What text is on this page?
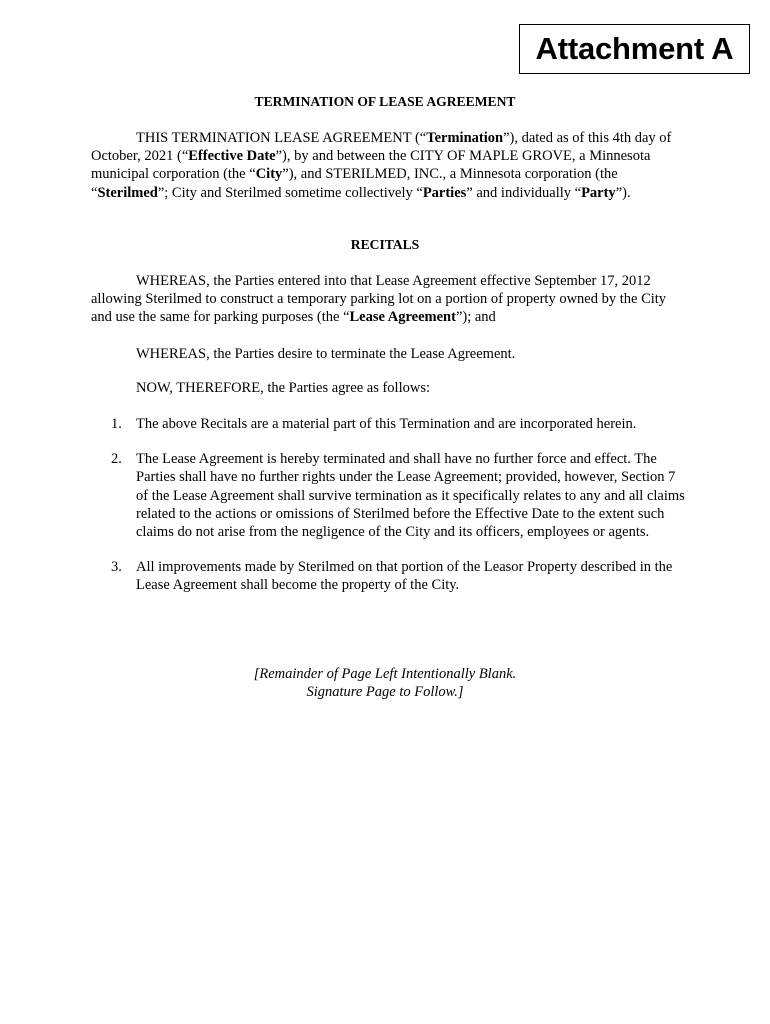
Attachment A
TERMINATION OF LEASE AGREEMENT
THIS TERMINATION LEASE AGREEMENT (“Termination”), dated as of this 4th day of October, 2021 (“Effective Date”), by and between the CITY OF MAPLE GROVE, a Minnesota municipal corporation (the “City”), and STERILMED, INC., a Minnesota corporation (the “Sterilmed”; City and Sterilmed sometime collectively “Parties” and individually “Party”).
RECITALS
WHEREAS, the Parties entered into that Lease Agreement effective September 17, 2012 allowing Sterilmed to construct a temporary parking lot on a portion of property owned by the City and use the same for parking purposes (the “Lease Agreement”); and
WHEREAS, the Parties desire to terminate the Lease Agreement.
NOW, THEREFORE, the Parties agree as follows:
1. The above Recitals are a material part of this Termination and are incorporated herein.
2. The Lease Agreement is hereby terminated and shall have no further force and effect. The Parties shall have no further rights under the Lease Agreement; provided, however, Section 7 of the Lease Agreement shall survive termination as it specifically relates to any and all claims related to the actions or omissions of Sterilmed before the Effective Date to the extent such claims do not arise from the negligence of the City and its officers, employees or agents.
3. All improvements made by Sterilmed on that portion of the Leasor Property described in the Lease Agreement shall become the property of the City.
[Remainder of Page Left Intentionally Blank.
Signature Page to Follow.]
